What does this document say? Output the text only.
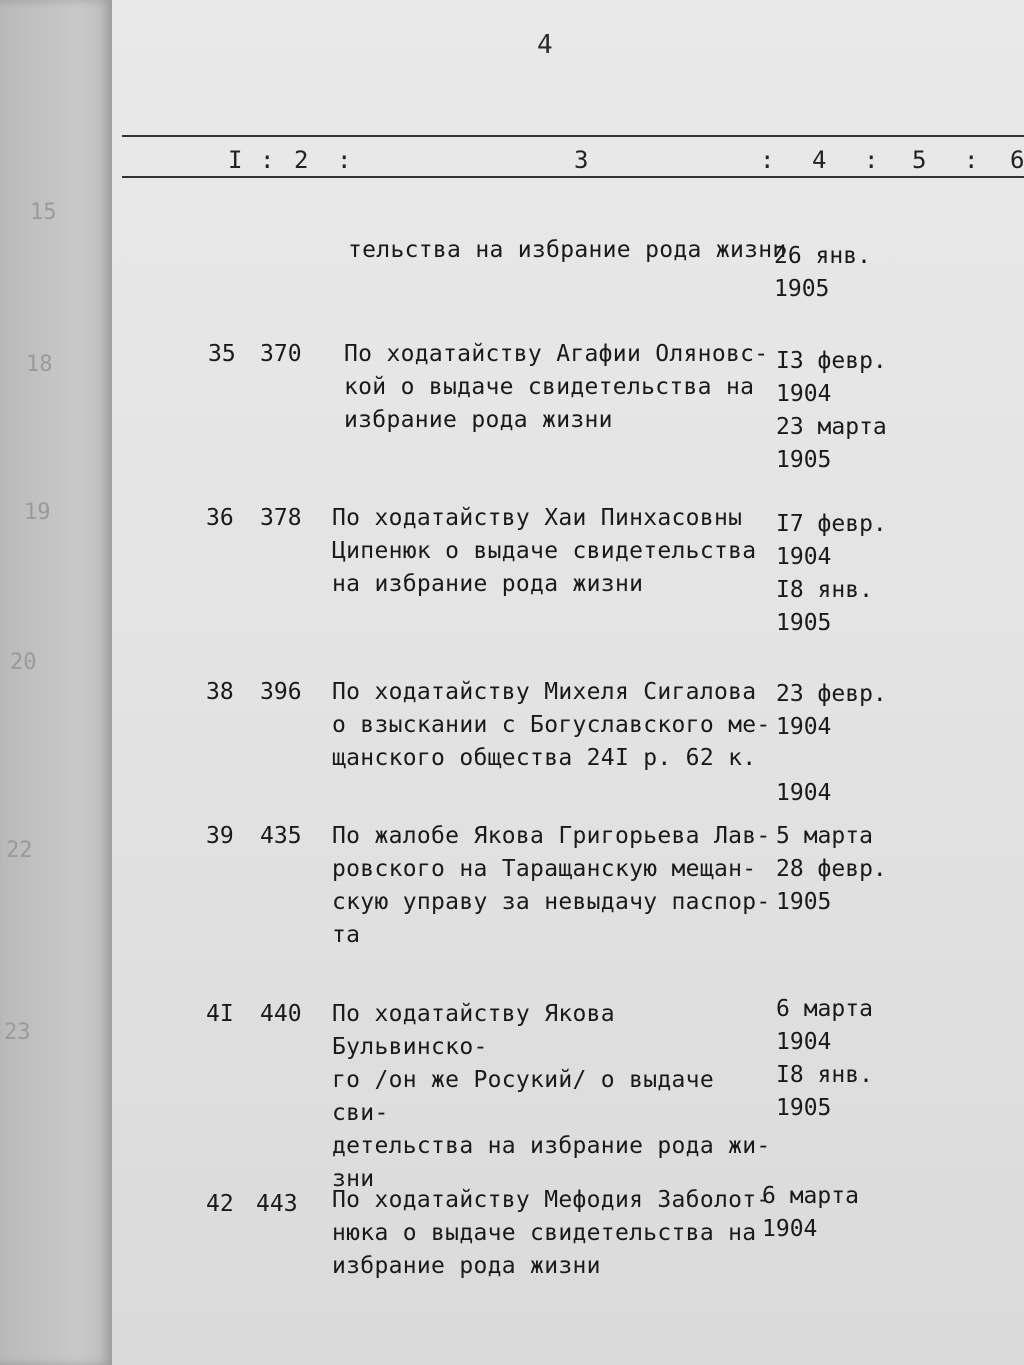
15
18
19
20
22
23
4
I : 2 :	3	: 4 : 5 : 6
тельства на избрание рода жизни
26 янв.
1905
35 370 По ходатайству Агафии Оляновс-
кой о выдаче свидетельства на
избрание рода жизни
I3 февр.
1904
23 марта
1905
36 378 По ходатайству Хаи Пинхасовны
Ципенюк о выдаче свидетельства
на избрание рода жизни
I7 февр.
1904
I8 янв.
1905
38 396 По ходатайству Михеля Сигалова
о взыскании с Богуславского ме-
щанского общества 24I р. 62 к.
23 февр.
1904

1904
39 435 По жалобе Якова Григорьева Лав-
ровского на Таращанскую мещан-
скую управу за невыдачу паспор-
та
5 марта
28 февр.
1905
4I 440 По ходатайству Якова Бульвинско-
го /он же Росукий/ о выдаче сви-
детельства на избрание рода жи-
зни
6 марта
1904
I8 янв.
1905
42 443 По ходатайству Мефодия Заболот-
нюка о выдаче свидетельства на
избрание рода жизни
6 марта
1904
